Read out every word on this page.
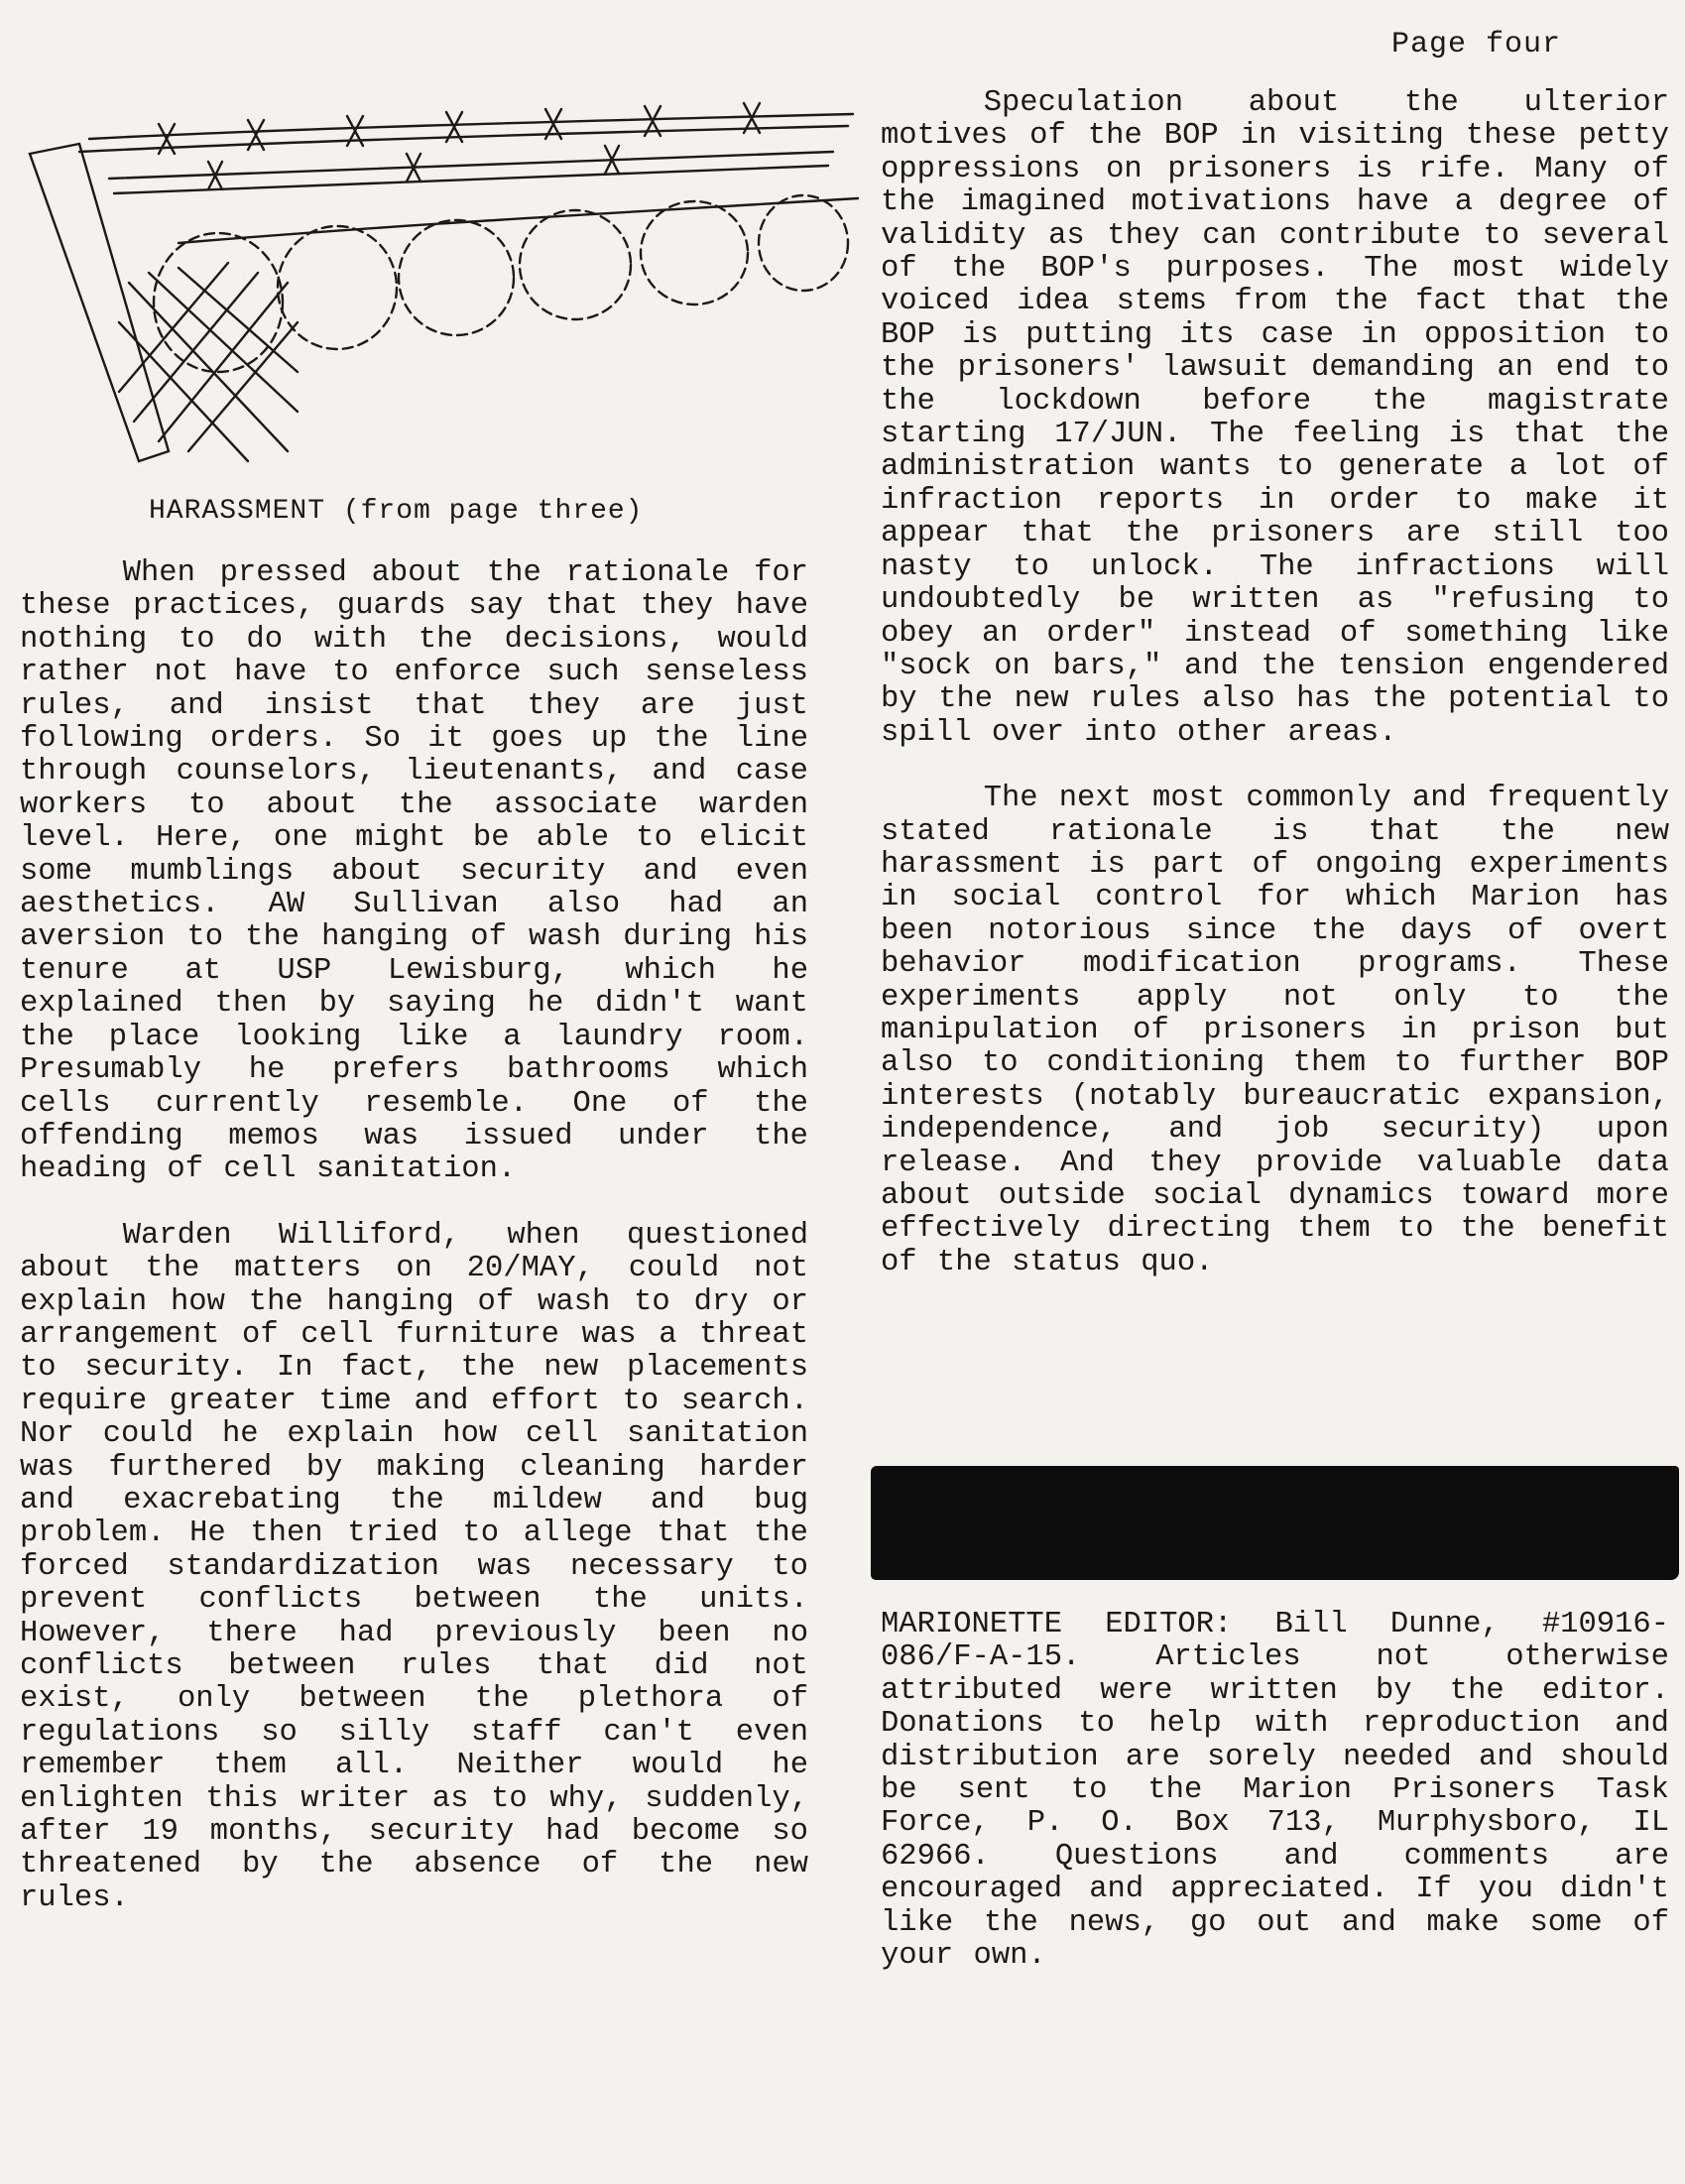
Page four
HARASSMENT (from page three)

When pressed about the rationale for these practices, guards say that they have nothing to do with the decisions, would rather not have to enforce such senseless rules, and insist that they are just following orders. So it goes up the line through counselors, lieutenants, and case workers to about the associate warden level. Here, one might be able to elicit some mumblings about security and even aesthetics. AW Sullivan also had an aversion to the hanging of wash during his tenure at USP Lewisburg, which he explained then by saying he didn't want the place looking like a laundry room. Presumably he prefers bathrooms which cells currently resemble. One of the offending memos was issued under the heading of cell sanitation.

Warden Williford, when questioned about the matters on 20/MAY, could not explain how the hanging of wash to dry or arrangement of cell furniture was a threat to security. In fact, the new placements require greater time and effort to search. Nor could he explain how cell sanitation was furthered by making cleaning harder and exacrebating the mildew and bug problem. He then tried to allege that the forced standardization was necessary to prevent conflicts between the units. However, there had previously been no conflicts between rules that did not exist, only between the plethora of regulations so silly staff can't even remember them all. Neither would he enlighten this writer as to why, suddenly, after 19 months, security had become so threatened by the absence of the new rules.

Speculation about the ulterior motives of the BOP in visiting these petty oppressions on prisoners is rife. Many of the imagined motivations have a degree of validity as they can contribute to several of the BOP's purposes. The most widely voiced idea stems from the fact that the BOP is putting its case in opposition to the prisoners' lawsuit demanding an end to the lockdown before the magistrate starting 17/JUN. The feeling is that the administration wants to generate a lot of infraction reports in order to make it appear that the prisoners are still too nasty to unlock. The infractions will undoubtedly be written as "refusing to obey an order" instead of something like "sock on bars," and the tension engendered by the new rules also has the potential to spill over into other areas.

The next most commonly and frequently stated rationale is that the new harassment is part of ongoing experiments in social control for which Marion has been notorious since the days of overt behavior modification programs. These experiments apply not only to the manipulation of prisoners in prison but also to conditioning them to further BOP interests (notably bureaucratic expansion, independence, and job security) upon release. And they provide valuable data about outside social dynamics toward more effectively directing them to the benefit of the status quo.

MARIONETTE EDITOR: Bill Dunne, #10916-086/F-A-15. Articles not otherwise attributed were written by the editor. Donations to help with reproduction and distribution are sorely needed and should be sent to the Marion Prisoners Task Force, P. O. Box 713, Murphysboro, IL 62966. Questions and comments are encouraged and appreciated. If you didn't like the news, go out and make some of your own.
